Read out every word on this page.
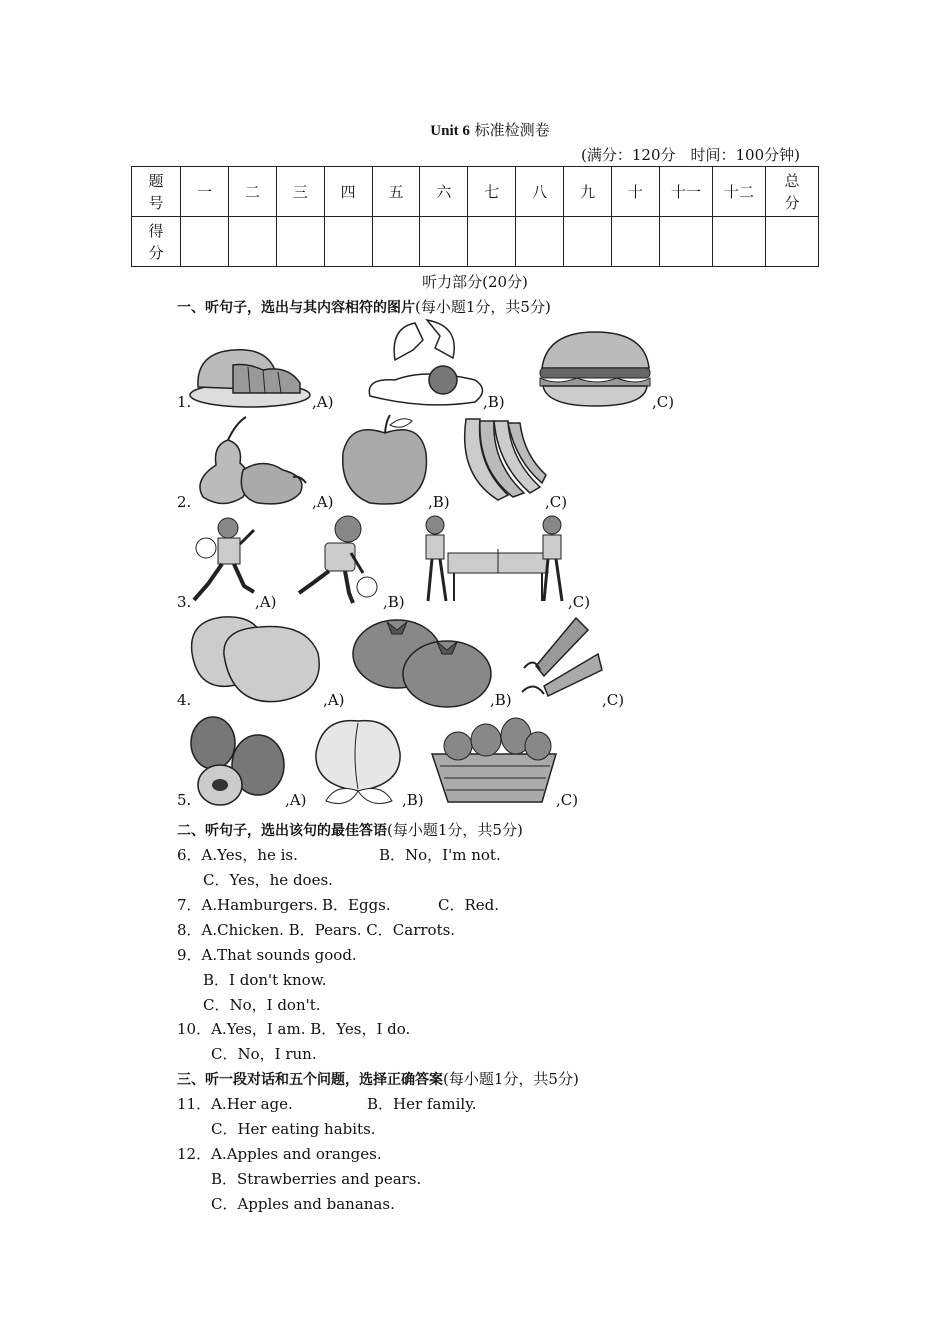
Unit 6 标准检测卷
(满分：120分　时间：100分钟)
题号	一	二	三	四	五	六	七	八	九	十	十一	十二	总分
得分													
听力部分(20分)
一、听句子，选出与其内容相符的图片(每小题1分，共5分)
1.	,A)	,B)	,C)
2.	,A)	,B)	,C)
3.	,A)	,B)	,C)
4.	,A)	,B)	,C)
5.	,A)	,B)	,C)
二、听句子，选出该句的最佳答语(每小题1分，共5分)
6．A.Yes，he is.	B．No，I'm not.
C．Yes，he does.
7．A.Hamburgers. B．Eggs.	C．Red.
8．A.Chicken. B．Pears. C．Carrots.
9．A.That sounds good.
B．I don't know.
C．No，I don't.
10．A.Yes，I am. B．Yes，I do.
C．No，I run.
三、听一段对话和五个问题，选择正确答案(每小题1分，共5分)
11．A.Her age.	B．Her family.
C．Her eating habits.
12．A.Apples and oranges.
B．Strawberries and pears.
C．Apples and bananas.
